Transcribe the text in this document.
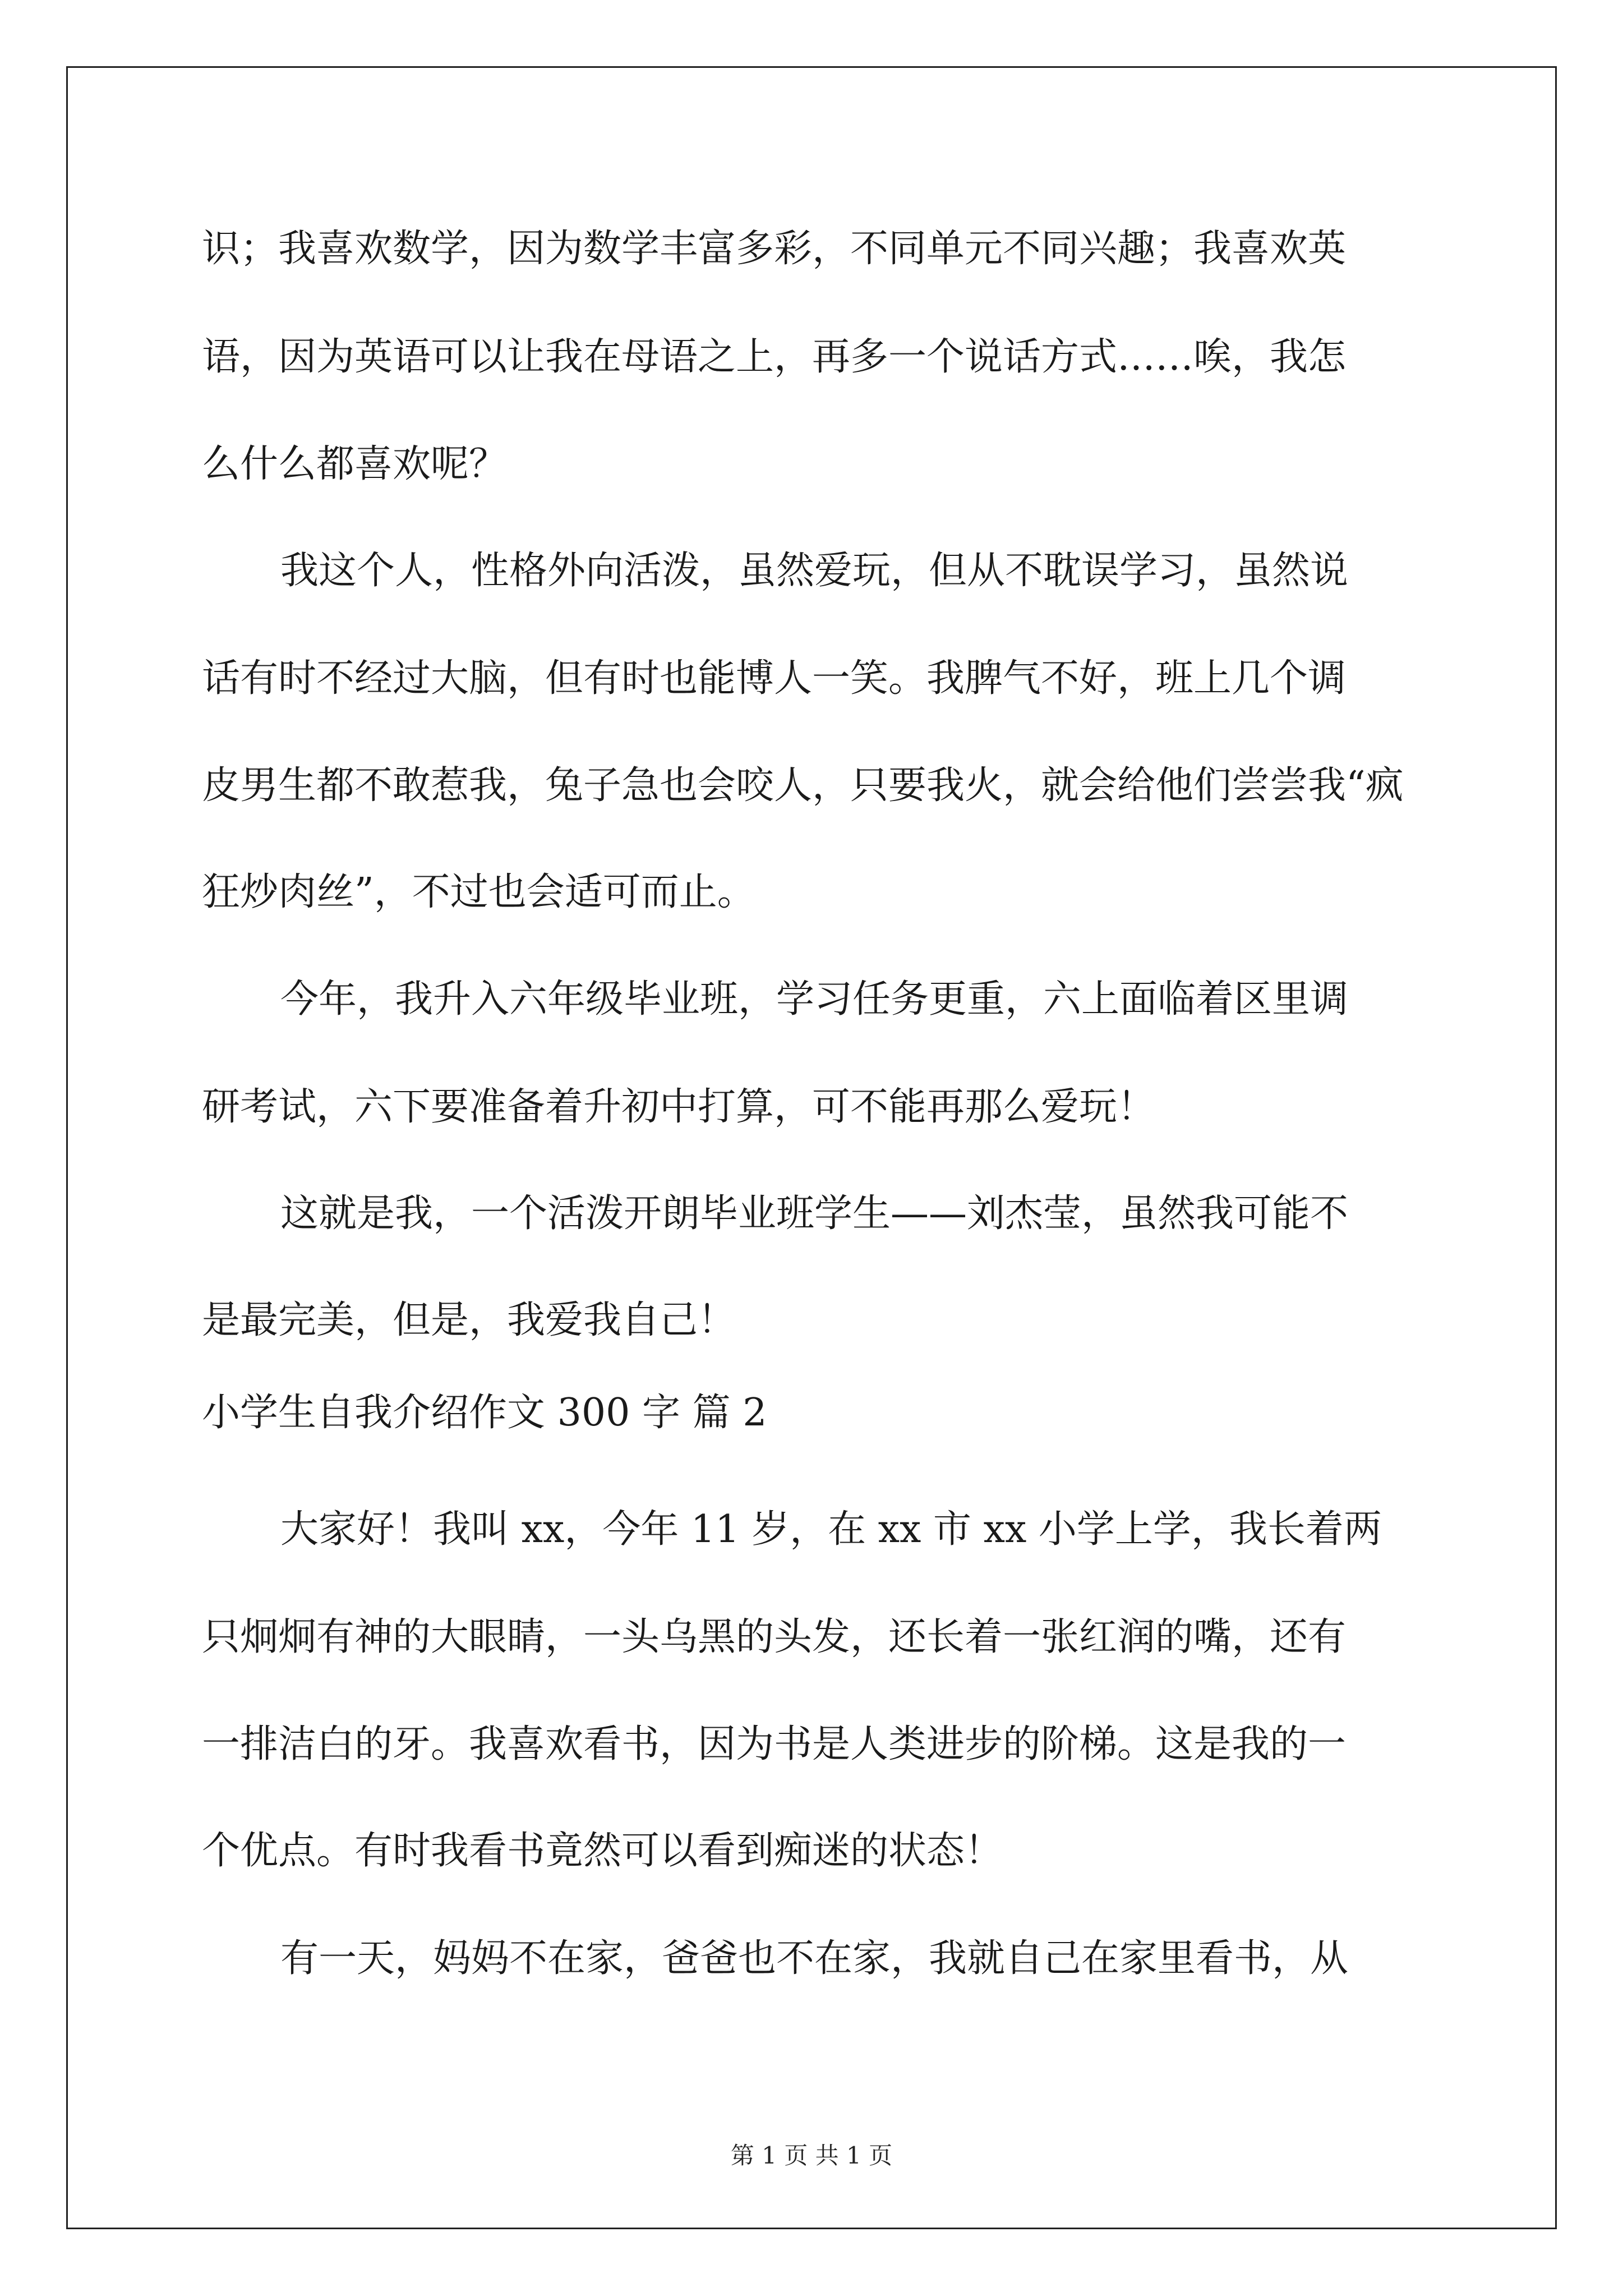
识；我喜欢数学，因为数学丰富多彩，不同单元不同兴趣；我喜欢英
语，因为英语可以让我在母语之上，再多一个说话方式……唉，我怎
么什么都喜欢呢？
我这个人，性格外向活泼，虽然爱玩，但从不耽误学习，虽然说
话有时不经过大脑，但有时也能博人一笑。我脾气不好，班上几个调
皮男生都不敢惹我，兔子急也会咬人，只要我火，就会给他们尝尝我“疯
狂炒肉丝”，不过也会适可而止。
今年，我升入六年级毕业班，学习任务更重，六上面临着区里调
研考试，六下要准备着升初中打算，可不能再那么爱玩！
这就是我，一个活泼开朗毕业班学生——刘杰莹，虽然我可能不
是最完美，但是，我爱我自己！
小学生自我介绍作文 300 字 篇 2
大家好！我叫 xx，今年 11 岁，在 xx 市 xx 小学上学，我长着两
只炯炯有神的大眼睛，一头乌黑的头发，还长着一张红润的嘴，还有
一排洁白的牙。我喜欢看书，因为书是人类进步的阶梯。这是我的一
个优点。有时我看书竟然可以看到痴迷的状态！
有一天，妈妈不在家，爸爸也不在家，我就自己在家里看书，从
第 1 页 共 1 页
